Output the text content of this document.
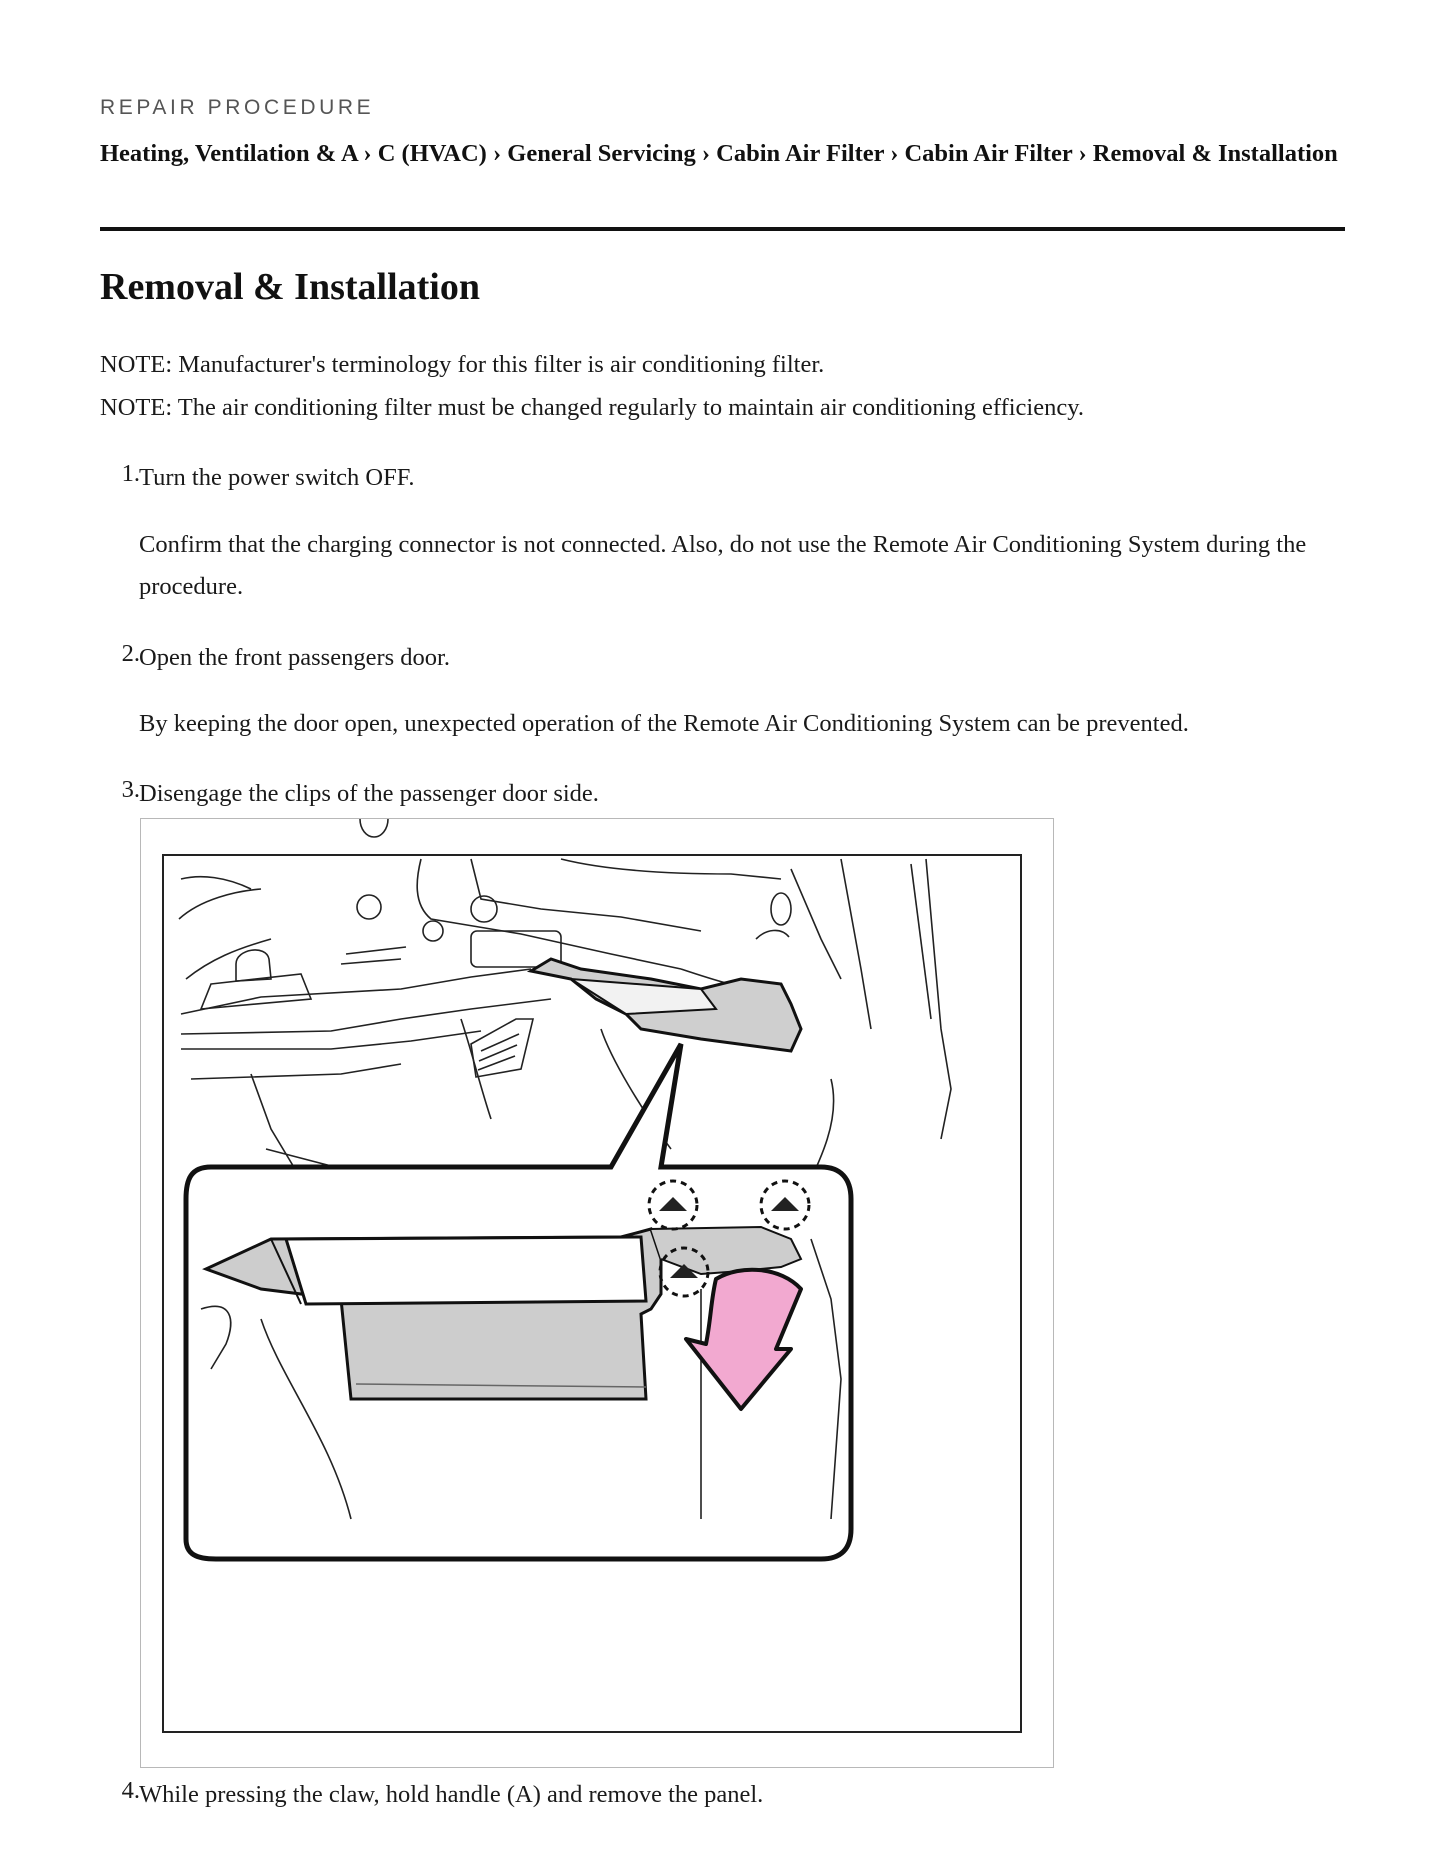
REPAIR PROCEDURE
Heating, Ventilation & A › C (HVAC) › General Servicing › Cabin Air Filter › Cabin Air Filter › Removal & Installation
Removal & Installation
NOTE: Manufacturer's terminology for this filter is air conditioning filter.
NOTE: The air conditioning filter must be changed regularly to maintain air conditioning efficiency.
1. Turn the power switch OFF.
Confirm that the charging connector is not connected. Also, do not use the Remote Air Conditioning System during the procedure.
2. Open the front passengers door.
By keeping the door open, unexpected operation of the Remote Air Conditioning System can be prevented.
3. Disengage the clips of the passenger door side.
4. While pressing the claw, hold handle (A) and remove the panel.
